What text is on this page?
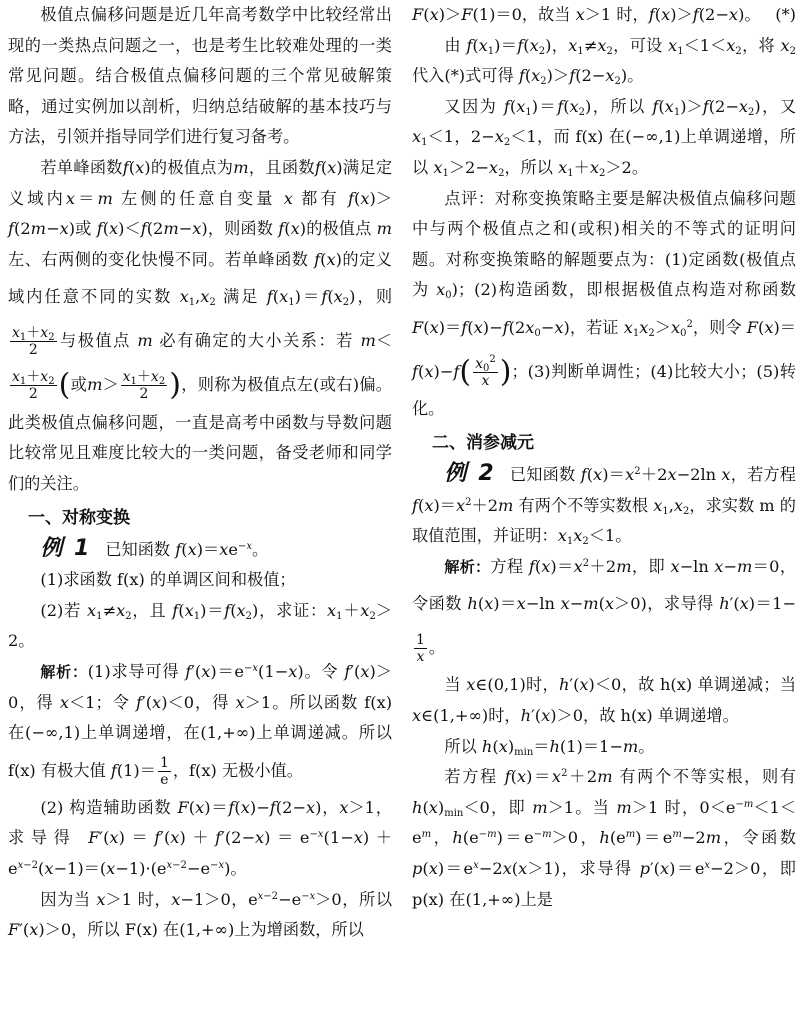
极值点偏移问题是近几年高考数学中比较经常出现的一类热点问题之一，也是考生比较难处理的一类常见问题。结合极值点偏移问题的三个常见破解策略，通过实例加以剖析，归纳总结破解的基本技巧与方法，引领并指导同学们进行复习备考。

若单峰函数f(x)的极值点为m，且函数f(x)满足定义域内x＝m 左侧的任意自变量 x 都有 f(x)＞f(2m−x)或 f(x)＜f(2m−x)，则函数 f(x)的极值点 m 左、右两侧的变化快慢不同。若单峰函数 f(x)的定义域内任意不同的实数 $x_1,x_2$ 满足 $f(x_1)=f(x_2)$，则
$\frac{x_1+x_2}{2}$ 与极值点 m 必有确定的大小关系：若 m＜
$\frac{x_1+x_2}{2}$ (或$m> \frac{x_1+x_2}{2}$ )，则称为极值点左(或右)偏。此类极值点偏移问题，一直是高考中函数与导数问题比较常见且难度比较大的一类问题，备受老师和同学们的关注。

一、对称变换

例 1 已知函数 $f(x)=xe^{-x}$。

(1)求函数 f(x) 的单调区间和极值；

(2)若 $x_1\ne x_2$，且 $f(x_1)=f(x_2)$，求证：$x_1+x_2>2$。

解析：(1)求导可得 $f'(x)=e^{-x}(1-x)$。令 f′(x)＞0，得 x＜1；令 f′(x)＜0，得 x＞1。所以函数 f(x) 在(−∞,1)上单调递增，在(1,+∞)上单调递减。所以 f(x) 有极大值 $f(1)= \frac{1}{e}$ ，f(x) 无极小值。

(2) 构造辅助函数 F(x)＝f(x)−f(2−x)，x＞1，求导得 $F'(x)=f'(x)+f'(2-x)=e^{-x}(1-x)+e^{x-2}(x-1)=(x-1)\cdot(e^{x-2}-e^{-x})$。

因为当 x＞1 时，x−1＞0，$e^{x-2}-e^{-x}>0$，所以 F′(x)＞0，所以 F(x) 在(1,+∞)上为增函数，所以

F(x)＞F(1)＝0，故当 x＞1 时，f(x)＞f(2−x)。 (*)

由 $f(x_1)=f(x_2)$，$x_1\ne x_2$，可设 $x_1<1<x_2$，将 $x_2$ 代入(*)式可得 $f(x_2)>f(2-x_2)$。

又因为 $f(x_1)=f(x_2)$，所以 $f(x_1)>f(2-x_2)$，又 $x_1<1$，$2-x_2<1$，而 f(x) 在(−∞,1)上单调递增，所以 $x_1>2-x_2$，所以 $x_1+x_2>2$。

点评：对称变换策略主要是解决极值点偏移问题中与两个极值点之和(或积)相关的不等式的证明问题。对称变换策略的解题要点为：(1)定函数(极值点为 $x_0$)；(2)构造函数，即根据极值点构造对称函数 $F(x)=f(x)-f(2x_0-x)$，若证 $x_1x_2>x_0^2$，则令 $F(x)=f(x)-f( \frac{x_0^2}{x}$ )；(3)判断单调性；(4)比较大小；(5)转化。

二、消参减元

例 2 已知函数 $f(x)=x^2+2x-2\ln$ x，若方程 $f(x)=x^2+2m$ 有两个不等实数根 $x_1,x_2$，求实数 m 的取值范围，并证明：$x_1x_2<1$。

解析：方程 $f(x)=x^2+2m$，即 x−ln x−m＝0，令函数 h(x)＝x−ln x−m(x＞0)，求导得 h′(x)＝1−
$\frac{1}{x}$ 。

当 x∈(0,1)时，h′(x)＜0，故 h(x) 单调递减；当 x∈(1,+∞)时，h′(x)＞0，故 h(x) 单调递增。

所以 $h(x)_{min}=h(1)=1-m$。

若方程 $f(x)=x^2+2m$ 有两个不等实根，则有 $h(x)_{min}<0$，即 m＞1。当 m＞1 时，$0<e^{-m}<1<e^m$，$h(e^{-m})=e^{-m}>0$，$h(e^m)=e^m-2m$，令函数 $p(x)=e^x-2x(x>1)$，求导得 $p'(x)=e^x-2>0$，即 p(x) 在(1,+∞)上是
